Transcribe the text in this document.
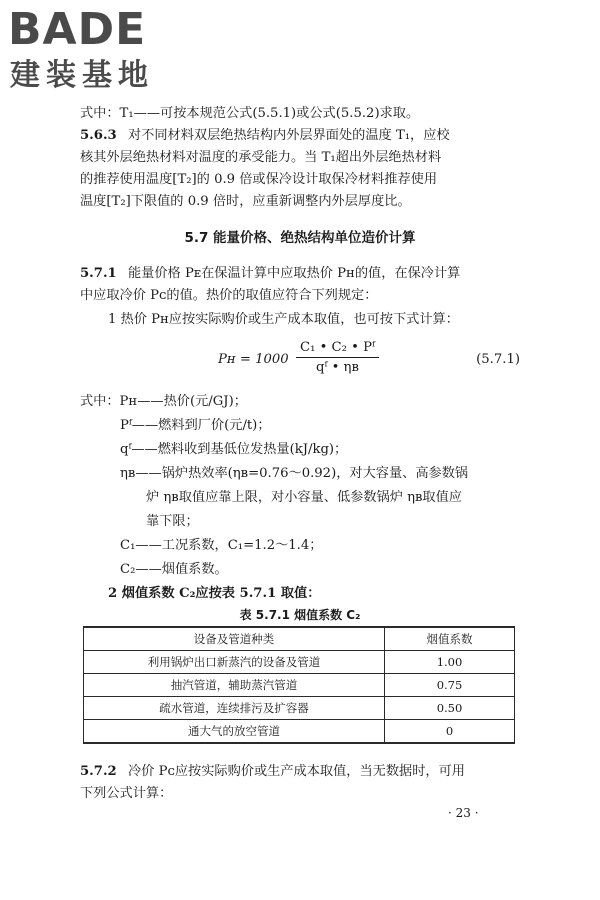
BADE
建装基地
式中：T₁——可按本规范公式(5.5.1)或公式(5.5.2)求取。
5.6.3 对不同材料双层绝热结构内外层界面处的温度 T₁，应校
核其外层绝热材料对温度的承受能力。当 T₁超出外层绝热材料
的推荐使用温度[T₂]的 0.9 倍或保冷设计取保冷材料推荐使用
温度[T₂]下限值的 0.9 倍时，应重新调整内外层厚度比。
5.7 能量价格、绝热结构单位造价计算
5.7.1 能量价格 Pᴇ在保温计算中应取热价 Pʜ的值，在保冷计算
中应取冷价 Pᴄ的值。热价的取值应符合下列规定：
1 热价 Pʜ应按实际购价或生产成本取值，也可按下式计算：
Pʜ = 1000
C₁ • C₂ • Pᶠ
qᶠ • ηʙ
(5.7.1)
式中：Pʜ——热价(元/GJ)；
Pᶠ——燃料到厂价(元/t)；
qᶠ——燃料收到基低位发热量(kJ/kg)；
ηʙ——锅炉热效率(ηʙ=0.76～0.92)，对大容量、高参数锅
炉 ηʙ取值应靠上限，对小容量、低参数锅炉 ηʙ取值应
靠下限；
C₁——工况系数，C₁=1.2～1.4；
C₂——烟值系数。
2 烟值系数 C₂应按表 5.7.1 取值：
表 5.7.1 烟值系数 C₂
设备及管道种类	烟值系数
利用锅炉出口新蒸汽的设备及管道	1.00
抽汽管道，辅助蒸汽管道	0.75
疏水管道，连续排污及扩容器	0.50
通大气的放空管道	0
5.7.2 冷价 Pᴄ应按实际购价或生产成本取值，当无数据时，可用
下列公式计算：
· 23 ·
